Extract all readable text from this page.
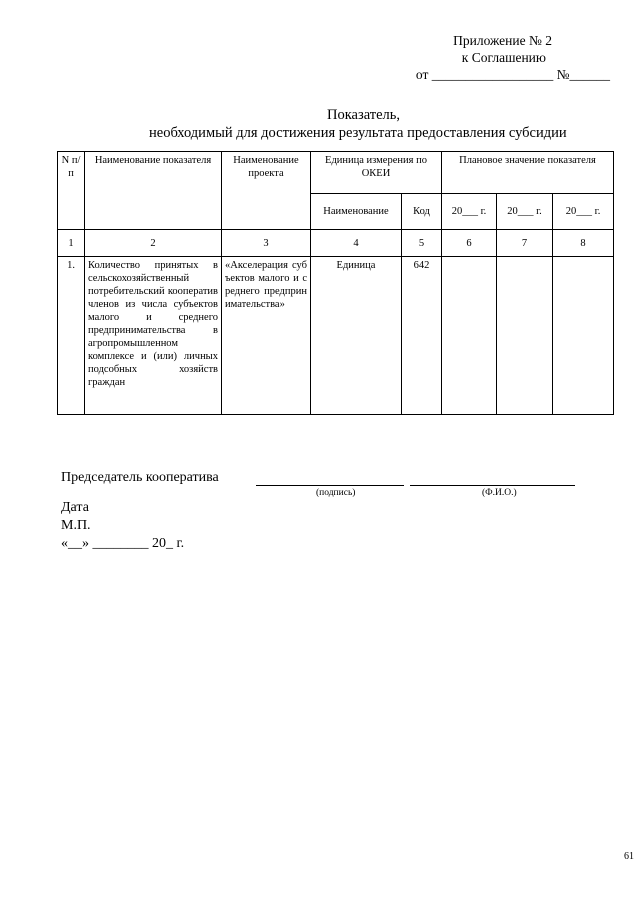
Приложение № 2
к Соглашению
от __________________ №______
Показатель,
необходимый для достижения результата предоставления субсидии
N п/п	Наименование показателя	Наименование проекта	Единица измерения по ОКЕИ		Плановое значение показателя		
			Наименование	Код	20___ г.	20___ г.	20___ г.
1	2	3	4	5	6	7	8
1.	Количество принятых в сельскохозяйственный потребительский кооператив членов из числа субъектов малого и среднего предпринимательства в агропромышленном комплексе и (или) личных подсобных хозяйств граждан	«Акселерация субъектов малого и среднего предпринимательства»	Единица	642			
Председатель кооператива
(подпись)	(Ф.И.О.)
Дата
М.П.
«__» ________ 20_ г.
61
